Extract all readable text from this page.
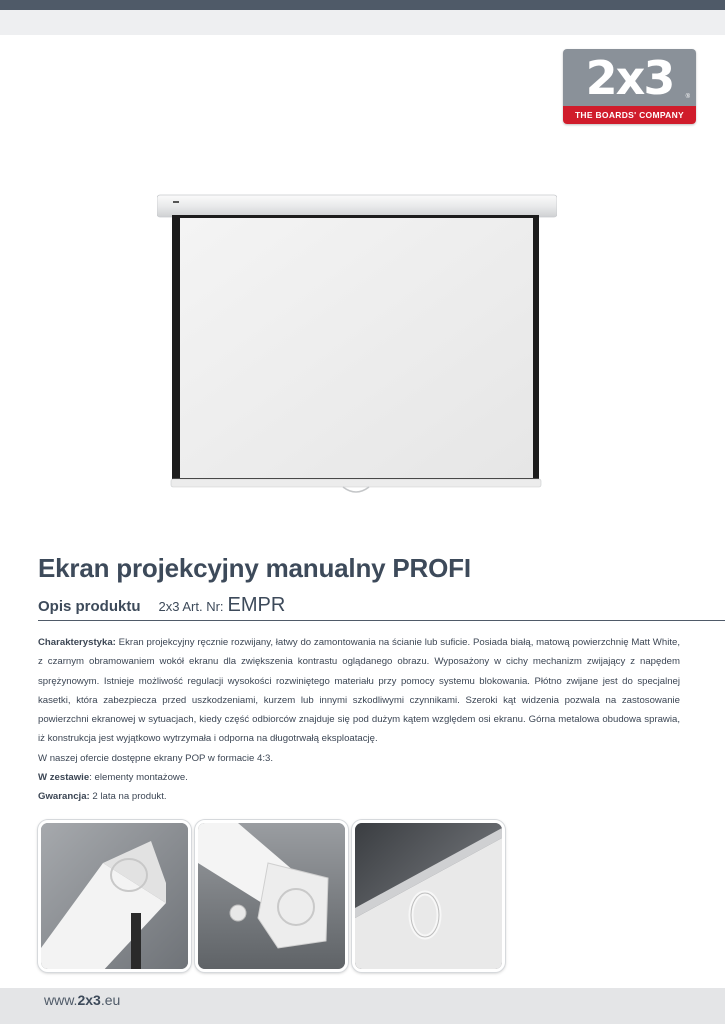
2x3 ®
THE BOARDS' COMPANY
Ekran projekcyjny manualny PROFI
Opis produktu 2x3 Art. Nr: EMPR

Charakterystyka: Ekran projekcyjny ręcznie rozwijany, łatwy do zamontowania na ścianie lub suficie. Posiada białą, matową powierzchnię Matt White, z czarnym obramowaniem wokół ekranu dla zwiększenia kontrastu oglądanego obrazu. Wyposażony w cichy mechanizm zwijający z napędem sprężynowym. Istnieje możliwość regulacji wysokości rozwiniętego materiału przy pomocy systemu blokowania. Płótno zwijane jest do specjalnej kasetki, która zabezpiecza przed uszkodzeniami, kurzem lub innymi szkodliwymi czynnikami. Szeroki kąt widzenia pozwala na zastosowanie powierzchni ekranowej w sytuacjach, kiedy część odbiorców znajduje się pod dużym kątem względem osi ekranu. Górna metalowa obudowa sprawia, iż konstrukcja jest wyjątkowo wytrzymała i odporna na długotrwałą eksploatację.

W naszej ofercie dostępne ekrany POP w formacie 4:3.

W zestawie: elementy montażowe.

Gwarancja: 2 lata na produkt.

www.2x3.eu
